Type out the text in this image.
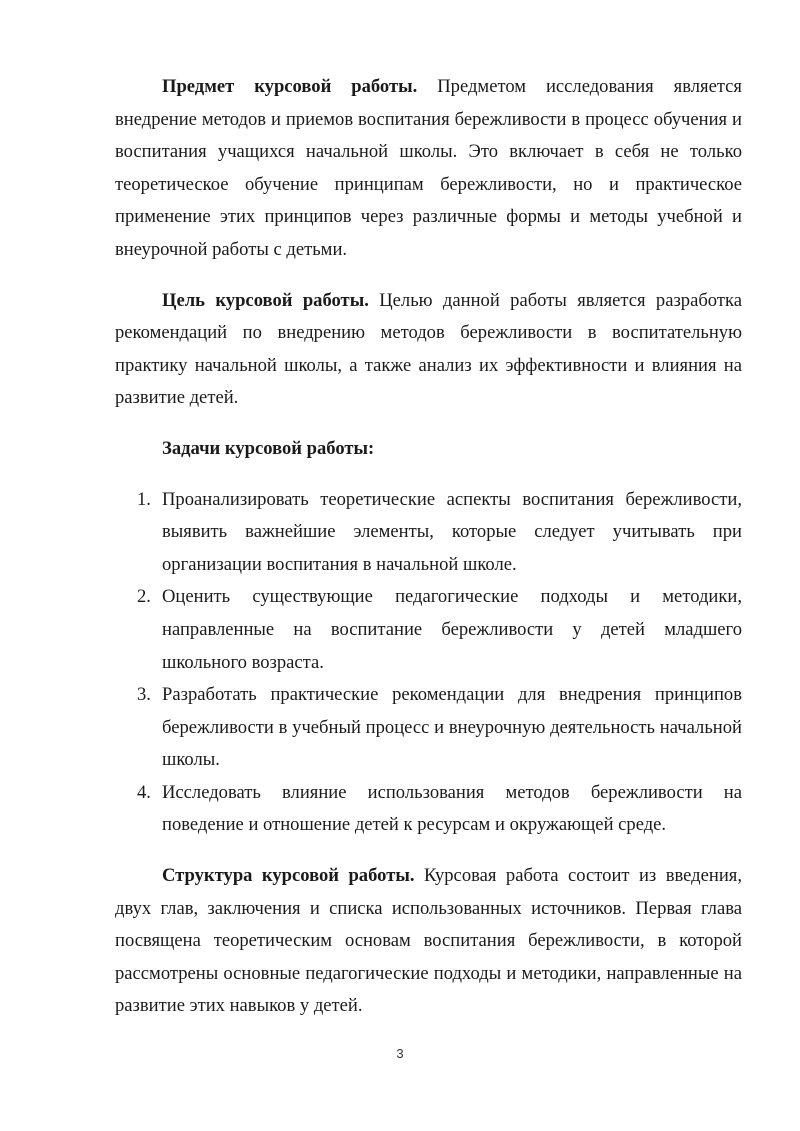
Предмет курсовой работы. Предметом исследования является внедрение методов и приемов воспитания бережливости в процесс обучения и воспитания учащихся начальной школы. Это включает в себя не только теоретическое обучение принципам бережливости, но и практическое применение этих принципов через различные формы и методы учебной и внеурочной работы с детьми.

Цель курсовой работы. Целью данной работы является разработка рекомендаций по внедрению методов бережливости в воспитательную практику начальной школы, а также анализ их эффективности и влияния на развитие детей.

Задачи курсовой работы:

1. Проанализировать теоретические аспекты воспитания бережливости, выявить важнейшие элементы, которые следует учитывать при организации воспитания в начальной школе.
2. Оценить существующие педагогические подходы и методики, направленные на воспитание бережливости у детей младшего школьного возраста.
3. Разработать практические рекомендации для внедрения принципов бережливости в учебный процесс и внеурочную деятельность начальной школы.
4. Исследовать влияние использования методов бережливости на поведение и отношение детей к ресурсам и окружающей среде.

Структура курсовой работы. Курсовая работа состоит из введения, двух глав, заключения и списка использованных источников. Первая глава посвящена теоретическим основам воспитания бережливости, в которой рассмотрены основные педагогические подходы и методики, направленные на развитие этих навыков у детей.

3
